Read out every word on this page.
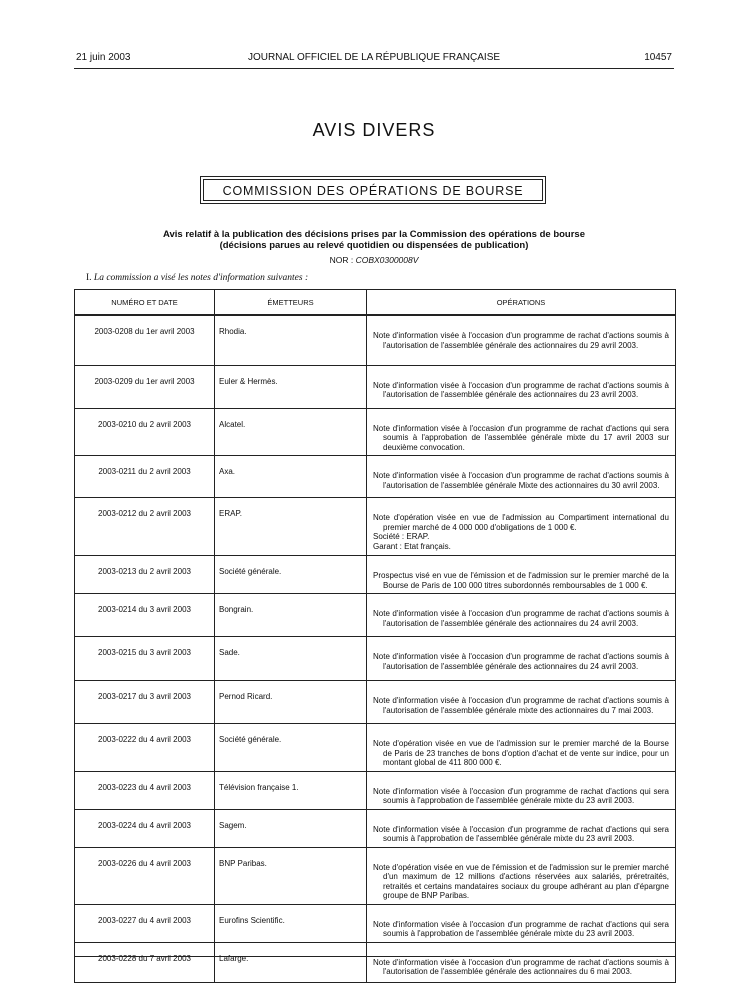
21 juin 2003	JOURNAL OFFICIEL DE LA RÉPUBLIQUE FRANÇAISE	10457
AVIS DIVERS
COMMISSION DES OPÉRATIONS DE BOURSE
Avis relatif à la publication des décisions prises par la Commission des opérations de bourse
(décisions parues au relevé quotidien ou dispensées de publication)
NOR : COBX0300008V
I. La commission a visé les notes d'information suivantes :
NUMÉRO ET DATE	ÉMETTEURS	OPÉRATIONS
2003-0208 du 1er avril 2003	Rhodia.	Note d'information visée à l'occasion d'un programme de rachat d'actions soumis à l'autorisation de l'assemblée générale des actionnaires du 29 avril 2003.

2003-0209 du 1er avril 2003	Euler & Hermès.	Note d'information visée à l'occasion d'un programme de rachat d'actions soumis à l'autorisation de l'assemblée générale des actionnaires du 23 avril 2003.

2003-0210 du 2 avril 2003	Alcatel.	Note d'information visée à l'occasion d'un programme de rachat d'actions qui sera soumis à l'approbation de l'assemblée générale mixte du 17 avril 2003 sur deuxième convocation.

2003-0211 du 2 avril 2003	Axa.	Note d'information visée à l'occasion d'un programme de rachat d'actions soumis à l'autorisation de l'assemblée générale Mixte des actionnaires du 30 avril 2003.

2003-0212 du 2 avril 2003	ERAP.	Note d'opération visée en vue de l'admission au Compartiment international du premier marché de 4 000 000 d'obligations de 1 000 €.
Société : ERAP.
Garant : Etat français.

2003-0213 du 2 avril 2003	Société générale.	Prospectus visé en vue de l'émission et de l'admission sur le premier marché de la Bourse de Paris de 100 000 titres subordonnés remboursables de 1 000 €.

2003-0214 du 3 avril 2003	Bongrain.	Note d'information visée à l'occasion d'un programme de rachat d'actions soumis à l'autorisation de l'assemblée générale des actionnaires du 24 avril 2003.

2003-0215 du 3 avril 2003	Sade.	Note d'information visée à l'occasion d'un programme de rachat d'actions soumis à l'autorisation de l'assemblée générale des actionnaires du 24 avril 2003.

2003-0217 du 3 avril 2003	Pernod Ricard.	Note d'information visée à l'occasion d'un programme de rachat d'actions soumis à l'autorisation de l'assemblée générale mixte des actionnaires du 7 mai 2003.

2003-0222 du 4 avril 2003	Société générale.	Note d'opération visée en vue de l'admission sur le premier marché de la Bourse de Paris de 23 tranches de bons d'option d'achat et de vente sur indice, pour un montant global de 411 800 000 €.

2003-0223 du 4 avril 2003	Télévision française 1.	Note d'information visée à l'occasion d'un programme de rachat d'actions qui sera soumis à l'approbation de l'assemblée générale mixte du 23 avril 2003.

2003-0224 du 4 avril 2003	Sagem.	Note d'information visée à l'occasion d'un programme de rachat d'actions qui sera soumis à l'approbation de l'assemblée générale mixte du 23 avril 2003.

2003-0226 du 4 avril 2003	BNP Paribas.	Note d'opération visée en vue de l'émission et de l'admission sur le premier marché d'un maximum de 12 millions d'actions réservées aux salariés, préretraités, retraités et certains mandataires sociaux du groupe adhérant au plan d'épargne groupe de BNP Paribas.

2003-0227 du 4 avril 2003	Eurofins Scientific.	Note d'information visée à l'occasion d'un programme de rachat d'actions qui sera soumis à l'approbation de l'assemblée générale mixte du 23 avril 2003.

2003-0228 du 7 avril 2003	Lafarge.	Note d'information visée à l'occasion d'un programme de rachat d'actions soumis à l'autorisation de l'assemblée générale des actionnaires du 6 mai 2003.
